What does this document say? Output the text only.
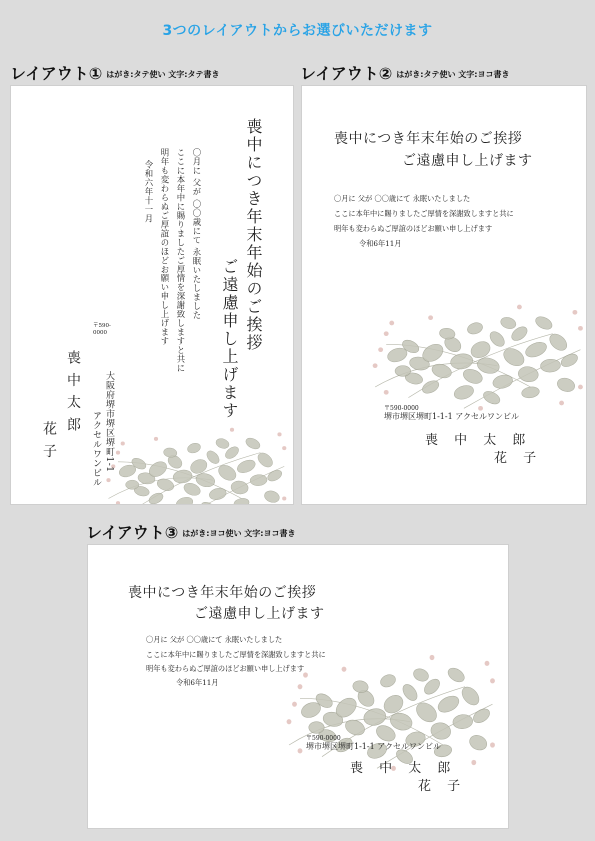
3つのレイアウトからお選びいただけます
レイアウト① はがき:タテ使い 文字:タテ書き	レイアウト② はがき:タテ使い 文字:ヨコ書き
喪中につき年末年始のご挨拶
ご遠慮申し上げます
〇月に 父が 〇〇歳にて 永眠いたしました
ここに本年中に賜りましたご厚情を深謝致しますと共に
明年も変わらぬご厚誼のほどお願い申し上げます
令和六年十一月
〒590-0000
大阪府堺市堺区堺町1-1
アクセルワンビル
喪 中 太 郎
花 子
喪中につき年末年始のご挨拶
ご遠慮申し上げます
〇月に 父が 〇〇歳にて 永眠いたしました
ここに本年中に賜りましたご厚情を深謝致しますと共に
明年も変わらぬご厚誼のほどお願い申し上げます
令和6年11月
〒590-0000
堺市堺区堺町1-1-1 アクセルワンビル
喪 中 太 郎
花 子
レイアウト③ はがき:ヨコ使い 文字:ヨコ書き
喪中につき年末年始のご挨拶
ご遠慮申し上げます
〇月に 父が 〇〇歳にて 永眠いたしました
ここに本年中に賜りましたご厚情を深謝致しますと共に
明年も変わらぬご厚誼のほどお願い申し上げます
令和6年11月
〒590-0000
堺市堺区堺町1-1-1 アクセルワンビル
喪 中 太 郎
花 子
